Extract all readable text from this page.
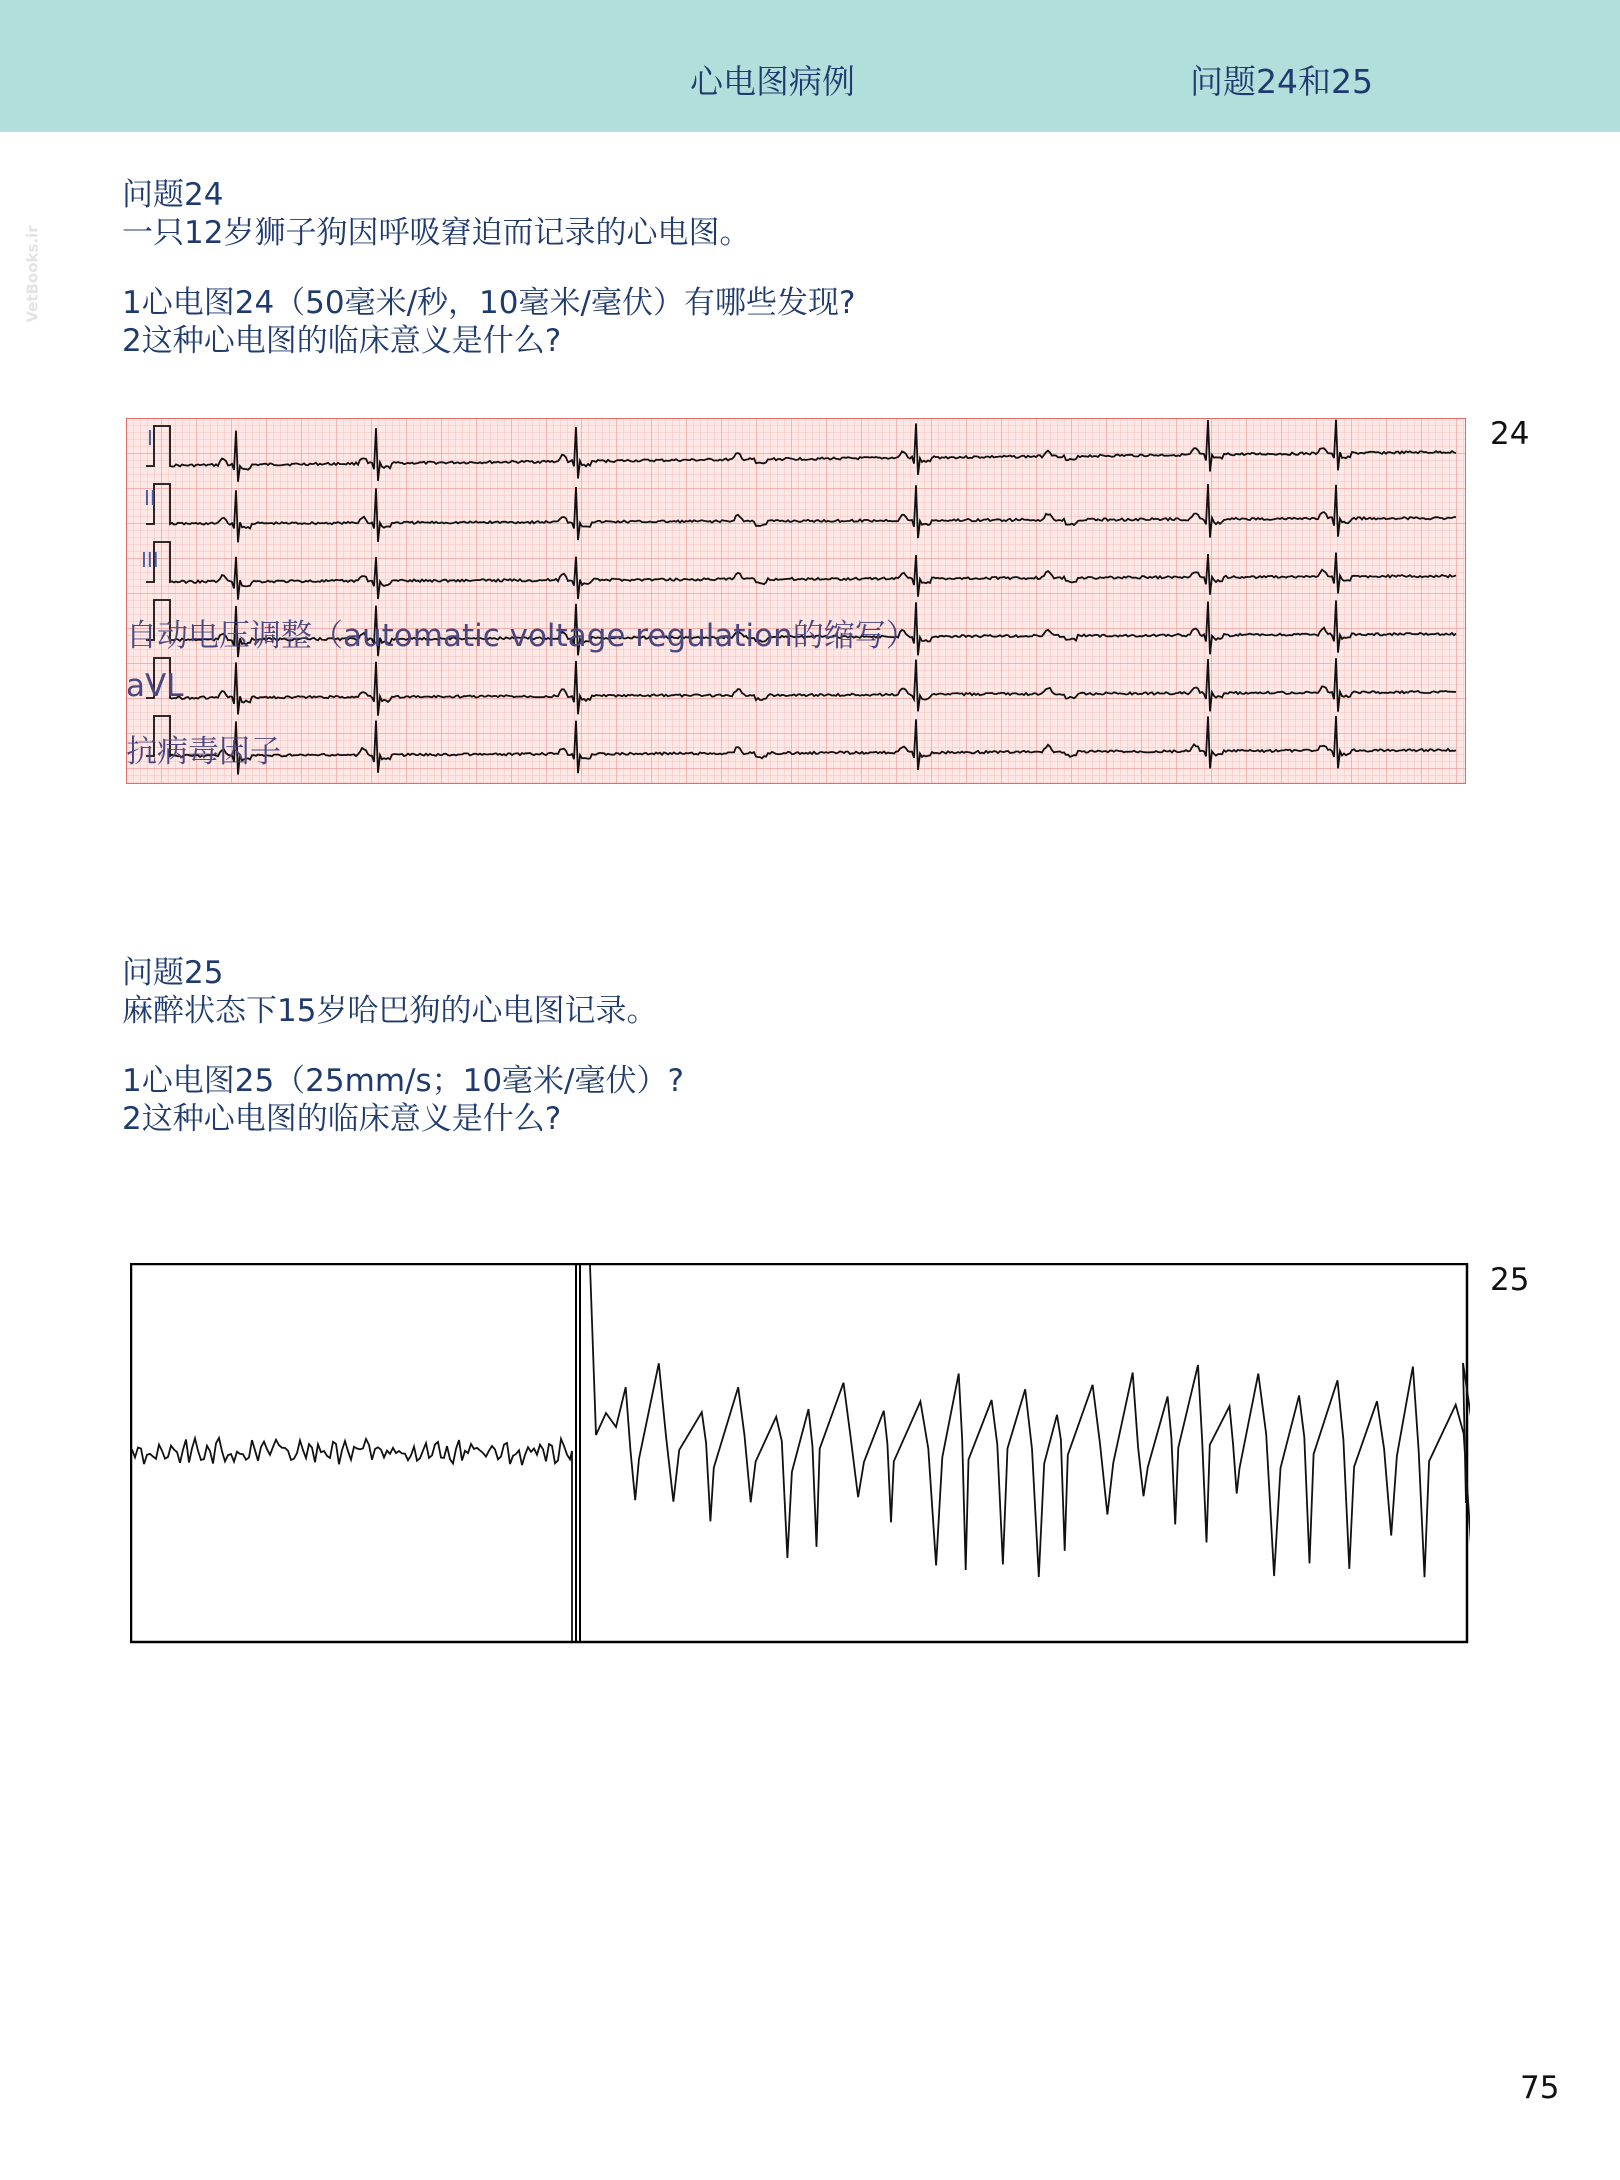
心电图病例	问题24和25
VetBooks.ir
问题24
一只12岁狮子狗因呼吸窘迫而记录的心电图。
1心电图24（50毫米/秒，10毫米/毫伏）有哪些发现?
2这种心电图的临床意义是什么?
I
II
III
自动电压调整（automatic voltage regulation的缩写）
aVL
抗病毒因子
24
问题25
麻醉状态下15岁哈巴狗的心电图记录。
1心电图25（25mm/s；10毫米/毫伏）?
2这种心电图的临床意义是什么?
25
75
